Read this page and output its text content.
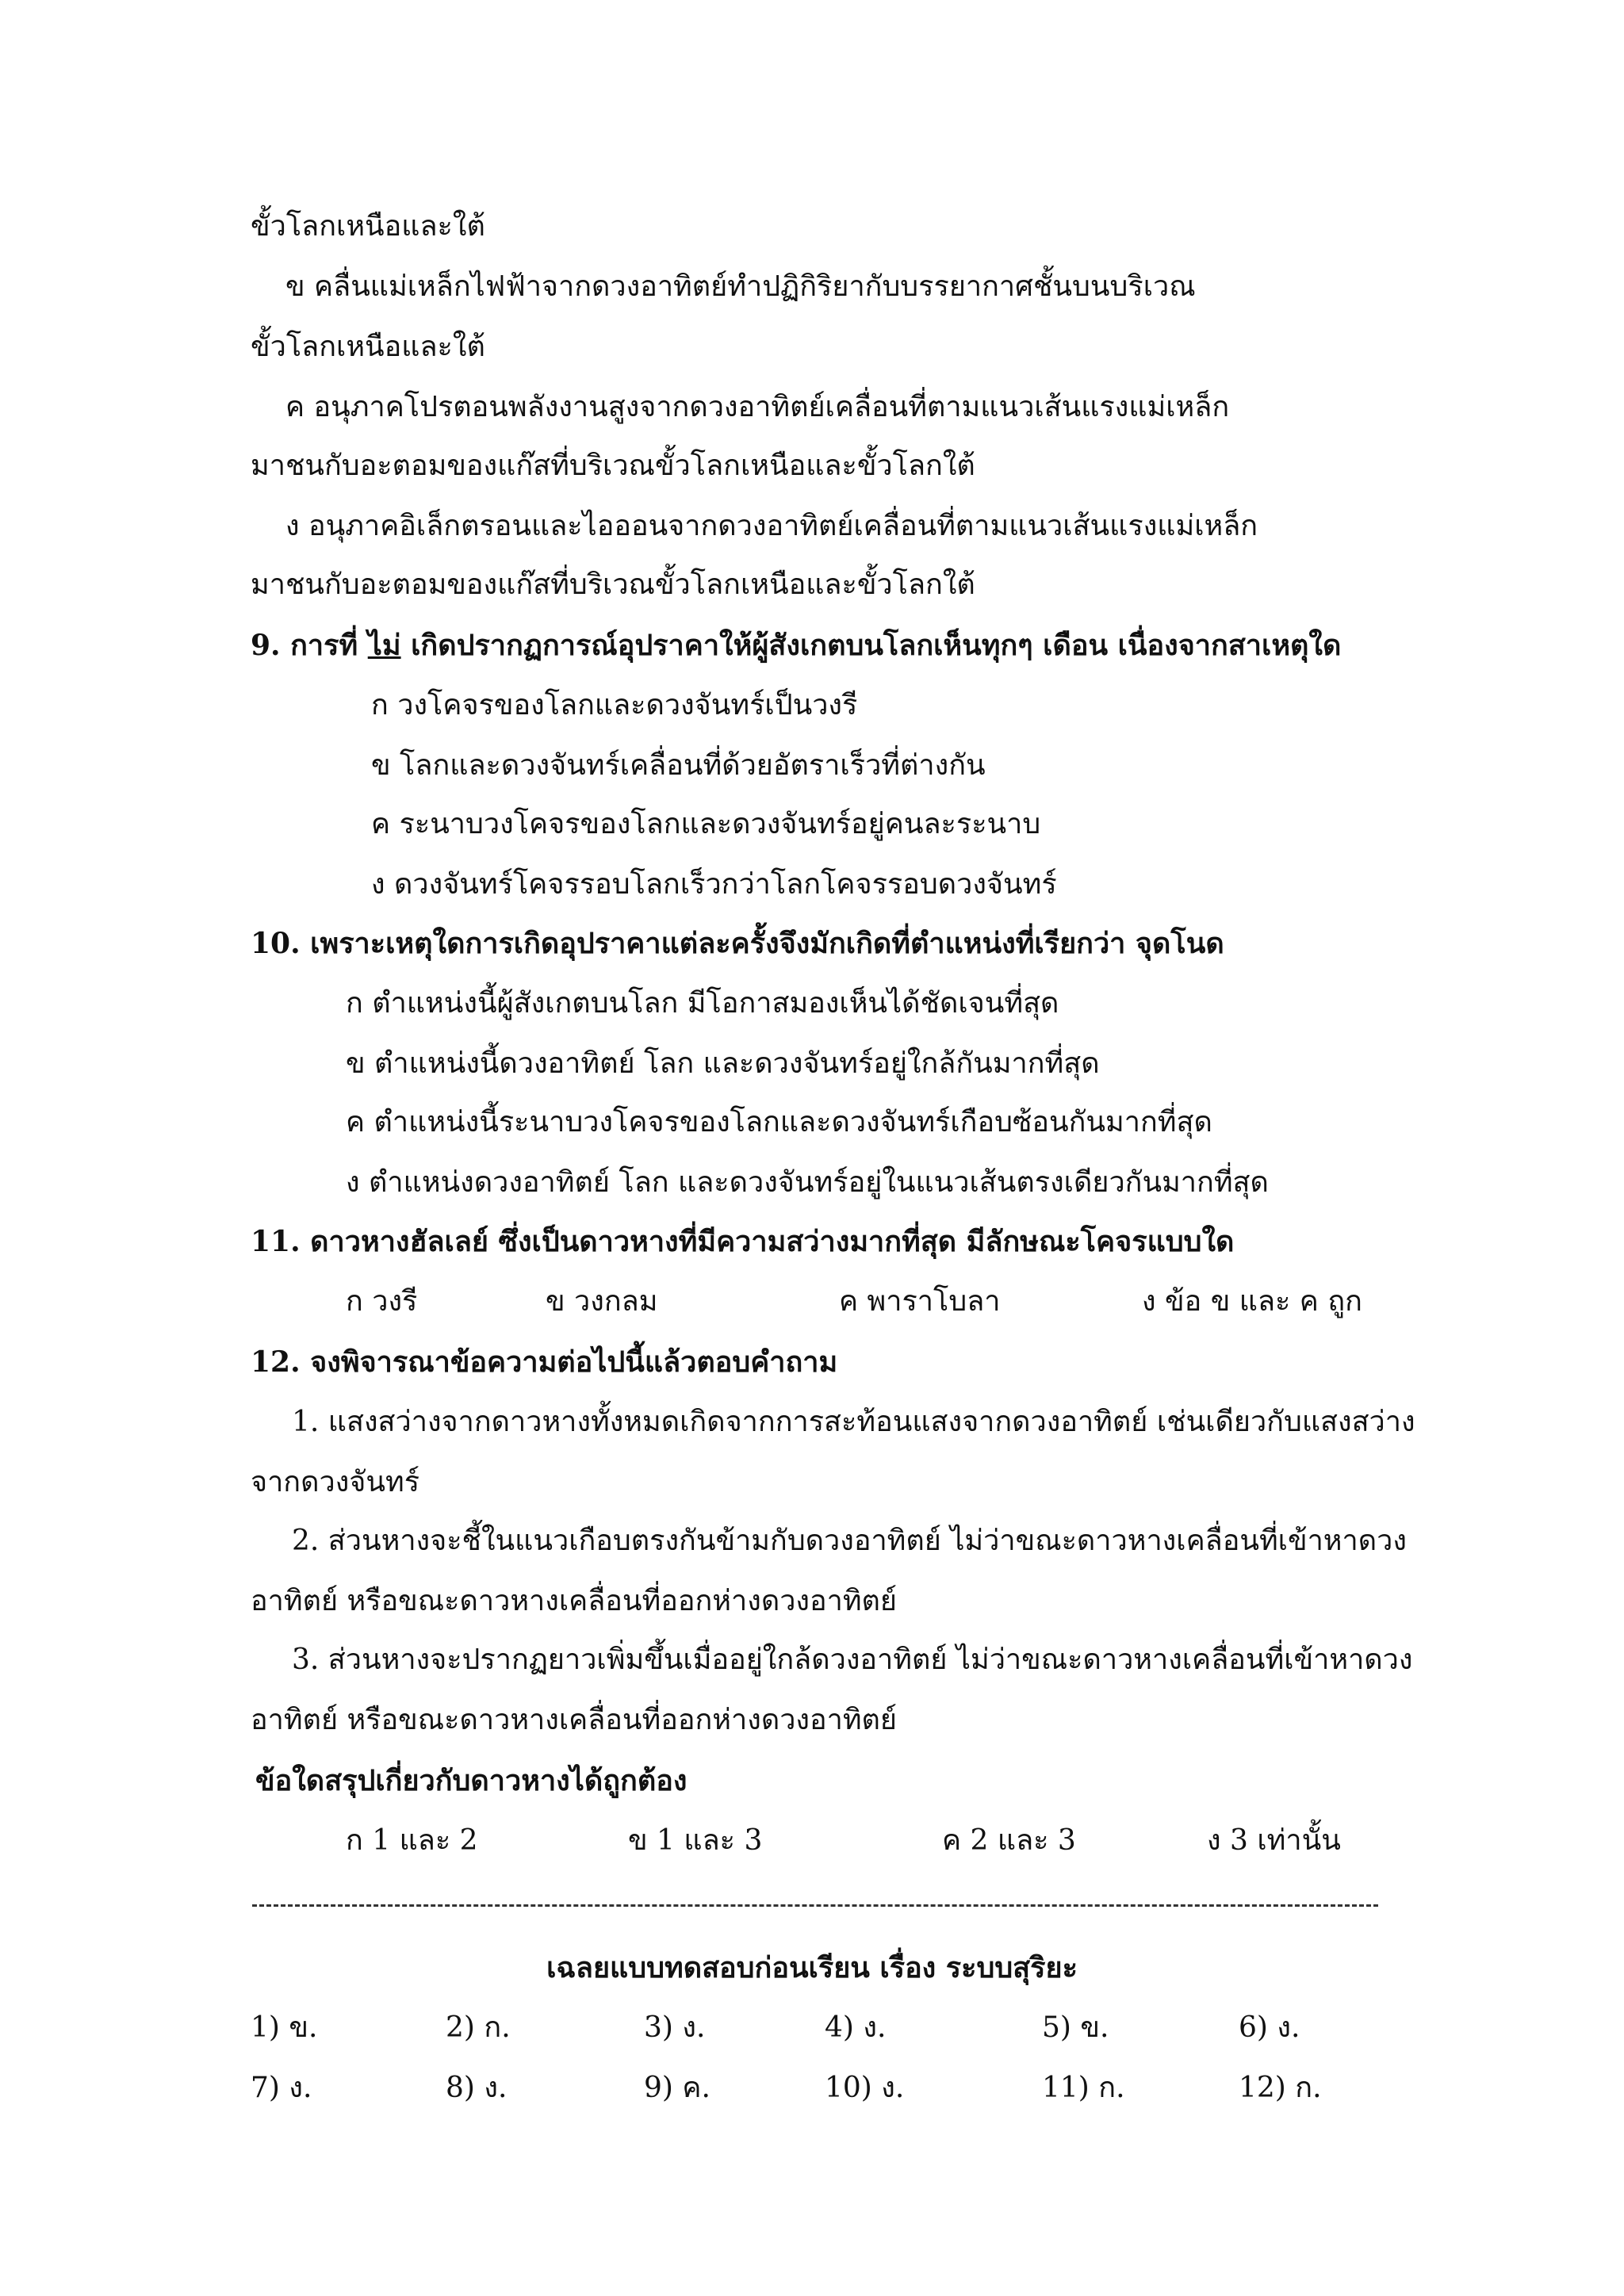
ขั้วโลกเหนือและใต้
ข คลื่นแม่เหล็กไฟฟ้าจากดวงอาทิตย์ทำปฏิกิริยากับบรรยากาศชั้นบนบริเวณ
ขั้วโลกเหนือและใต้
ค อนุภาคโปรตอนพลังงานสูงจากดวงอาทิตย์เคลื่อนที่ตามแนวเส้นแรงแม่เหล็ก
มาชนกับอะตอมของแก๊สที่บริเวณขั้วโลกเหนือและขั้วโลกใต้
ง อนุภาคอิเล็กตรอนและไอออนจากดวงอาทิตย์เคลื่อนที่ตามแนวเส้นแรงแม่เหล็ก
มาชนกับอะตอมของแก๊สที่บริเวณขั้วโลกเหนือและขั้วโลกใต้
9. การที่ ไม่ เกิดปรากฏการณ์อุปราคาให้ผู้สังเกตบนโลกเห็นทุกๆ เดือน เนื่องจากสาเหตุใด
ก วงโคจรของโลกและดวงจันทร์เป็นวงรี
ข โลกและดวงจันทร์เคลื่อนที่ด้วยอัตราเร็วที่ต่างกัน
ค ระนาบวงโคจรของโลกและดวงจันทร์อยู่คนละระนาบ
ง ดวงจันทร์โคจรรอบโลกเร็วกว่าโลกโคจรรอบดวงจันทร์
10. เพราะเหตุใดการเกิดอุปราคาแต่ละครั้งจึงมักเกิดที่ตำแหน่งที่เรียกว่า จุดโนด
ก ตำแหน่งนี้ผู้สังเกตบนโลก มีโอกาสมองเห็นได้ชัดเจนที่สุด
ข ตำแหน่งนี้ดวงอาทิตย์ โลก และดวงจันทร์อยู่ใกล้กันมากที่สุด
ค ตำแหน่งนี้ระนาบวงโคจรของโลกและดวงจันทร์เกือบซ้อนกันมากที่สุด
ง ตำแหน่งดวงอาทิตย์ โลก และดวงจันทร์อยู่ในแนวเส้นตรงเดียวกันมากที่สุด
11. ดาวหางฮัลเลย์ ซึ่งเป็นดาวหางที่มีความสว่างมากที่สุด มีลักษณะโคจรแบบใด
ก วงรี	ข วงกลม	ค พาราโบลา	ง ข้อ ข และ ค ถูก
12. จงพิจารณาข้อความต่อไปนี้แล้วตอบคำถาม
1. แสงสว่างจากดาวหางทั้งหมดเกิดจากการสะท้อนแสงจากดวงอาทิตย์ เช่นเดียวกับแสงสว่าง
จากดวงจันทร์
2. ส่วนหางจะชี้ในแนวเกือบตรงกันข้ามกับดวงอาทิตย์ ไม่ว่าขณะดาวหางเคลื่อนที่เข้าหาดวง
อาทิตย์ หรือขณะดาวหางเคลื่อนที่ออกห่างดวงอาทิตย์
3. ส่วนหางจะปรากฏยาวเพิ่มขึ้นเมื่ออยู่ใกล้ดวงอาทิตย์ ไม่ว่าขณะดาวหางเคลื่อนที่เข้าหาดวง
อาทิตย์ หรือขณะดาวหางเคลื่อนที่ออกห่างดวงอาทิตย์
ข้อใดสรุปเกี่ยวกับดาวหางได้ถูกต้อง
ก 1 และ 2	ข 1 และ 3	ค 2 และ 3	ง 3 เท่านั้น
เฉลยแบบทดสอบก่อนเรียน เรื่อง ระบบสุริยะ
1) ข.	2) ก.	3) ง.	4) ง.	5) ข.	6) ง.
7) ง.	8) ง.	9) ค.	10) ง.	11) ก.	12) ก.
